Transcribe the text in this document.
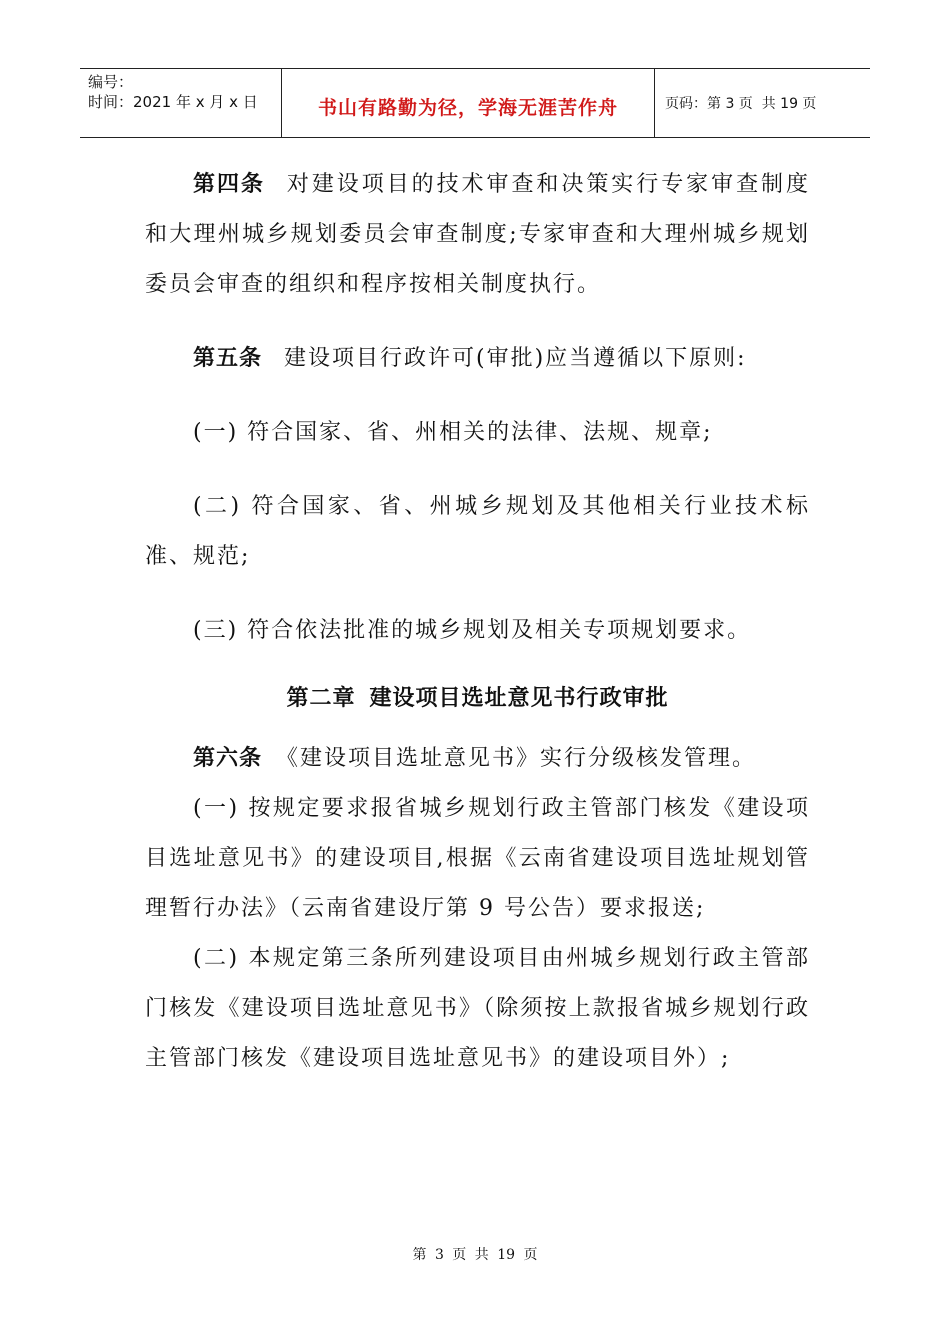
编号：
时间：2021 年 x 月 x 日	书山有路勤为径，学海无涯苦作舟	页码：第 3 页  共 19 页

第四条 对建设项目的技术审查和决策实行专家审查制度和大理州城乡规划委员会审查制度;专家审查和大理州城乡规划委员会审查的组织和程序按相关制度执行。

第五条 建设项目行政许可(审批)应当遵循以下原则:

(一) 符合国家、省、州相关的法律、法规、规章;

(二) 符合国家、省、州城乡规划及其他相关行业技术标准、规范;

(三) 符合依法批准的城乡规划及相关专项规划要求。

第二章 建设项目选址意见书行政审批

第六条 《建设项目选址意见书》实行分级核发管理。

(一) 按规定要求报省城乡规划行政主管部门核发《建设项目选址意见书》的建设项目,根据《云南省建设项目选址规划管理暂行办法》（云南省建设厅第 9 号公告）要求报送;

(二) 本规定第三条所列建设项目由州城乡规划行政主管部门核发《建设项目选址意见书》（除须按上款报省城乡规划行政主管部门核发《建设项目选址意见书》的建设项目外）;

第 3 页 共 19 页
